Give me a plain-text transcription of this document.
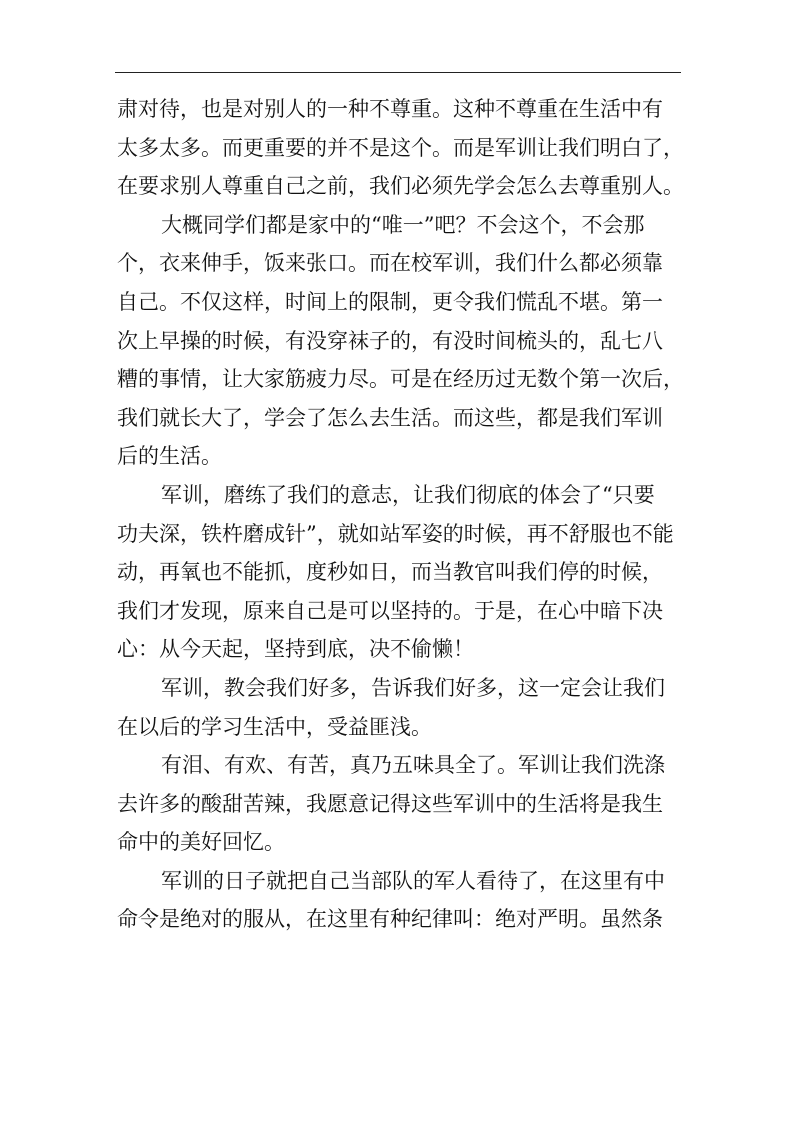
肃对待，也是对别人的一种不尊重。这种不尊重在生活中有
太多太多。而更重要的并不是这个。而是军训让我们明白了，
在要求别人尊重自己之前，我们必须先学会怎么去尊重别人。
大概同学们都是家中的“唯一”吧？不会这个，不会那
个，衣来伸手，饭来张口。而在校军训，我们什么都必须靠
自己。不仅这样，时间上的限制，更令我们慌乱不堪。第一
次上早操的时候，有没穿袜子的，有没时间梳头的，乱七八
糟的事情，让大家筋疲力尽。可是在经历过无数个第一次后，
我们就长大了，学会了怎么去生活。而这些，都是我们军训
后的生活。
军训，磨练了我们的意志，让我们彻底的体会了“只要
功夫深，铁杵磨成针”，就如站军姿的时候，再不舒服也不能
动，再氧也不能抓，度秒如日，而当教官叫我们停的时候，
我们才发现，原来自己是可以坚持的。于是，在心中暗下决
心：从今天起，坚持到底，决不偷懒！
军训，教会我们好多，告诉我们好多，这一定会让我们
在以后的学习生活中，受益匪浅。
有泪、有欢、有苦，真乃五味具全了。军训让我们洗涤
去许多的酸甜苦辣，我愿意记得这些军训中的生活将是我生
命中的美好回忆。
军训的日子就把自己当部队的军人看待了，在这里有中
命令是绝对的服从，在这里有种纪律叫：绝对严明。虽然条
